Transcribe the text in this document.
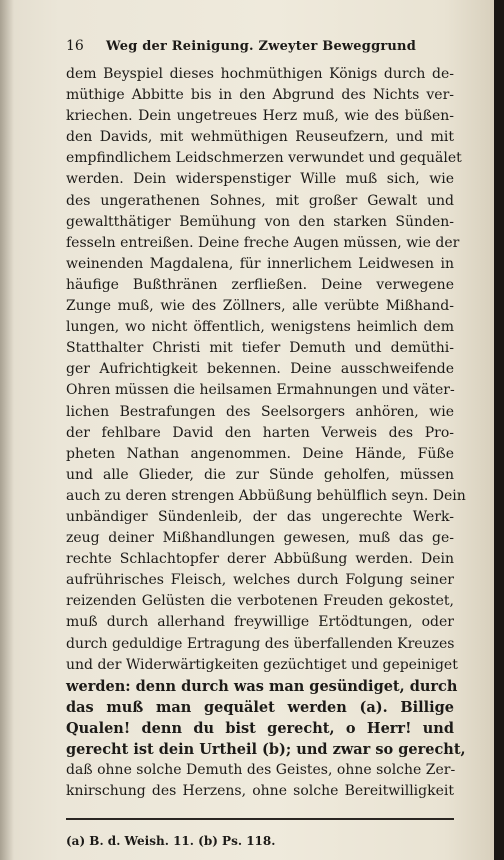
16	Weg der Reinigung. Zweyter Beweggrund
dem Beyspiel dieses hochmüthigen Königs durch de-
müthige Abbitte bis in den Abgrund des Nichts ver-
kriechen. Dein ungetreues Herz muß, wie des büßen-
den Davids, mit wehmüthigen Reuseufzern, und mit
empfindlichem Leidschmerzen verwundet und gequälet
werden. Dein widerspenstiger Wille muß sich, wie
des ungerathenen Sohnes, mit großer Gewalt und
gewaltthätiger Bemühung von den starken Sünden-
fesseln entreißen. Deine freche Augen müssen, wie der
weinenden Magdalena, für innerlichem Leidwesen in
häufige Bußthränen zerfließen. Deine verwegene
Zunge muß, wie des Zöllners, alle verübte Mißhand-
lungen, wo nicht öffentlich, wenigstens heimlich dem
Statthalter Christi mit tiefer Demuth und demüthi-
ger Aufrichtigkeit bekennen. Deine ausschweifende
Ohren müssen die heilsamen Ermahnungen und väter-
lichen Bestrafungen des Seelsorgers anhören, wie
der fehlbare David den harten Verweis des Pro-
pheten Nathan angenommen. Deine Hände, Füße
und alle Glieder, die zur Sünde geholfen, müssen
auch zu deren strengen Abbüßung behülflich seyn. Dein
unbändiger Sündenleib, der das ungerechte Werk-
zeug deiner Mißhandlungen gewesen, muß das ge-
rechte Schlachtopfer derer Abbüßung werden. Dein
aufrührisches Fleisch, welches durch Folgung seiner
reizenden Gelüsten die verbotenen Freuden gekostet,
muß durch allerhand freywillige Ertödtungen, oder
durch geduldige Ertragung des überfallenden Kreuzes
und der Widerwärtigkeiten gezüchtiget und gepeiniget
werden: denn durch was man gesündiget, durch
das muß man gequälet werden (a). Billige
Qualen! denn du bist gerecht, o Herr! und
gerecht ist dein Urtheil (b); und zwar so gerecht,
daß ohne solche Demuth des Geistes, ohne solche Zer-
knirschung des Herzens, ohne solche Bereitwilligkeit
(a) B. d. Weish. 11. (b) Ps. 118.
